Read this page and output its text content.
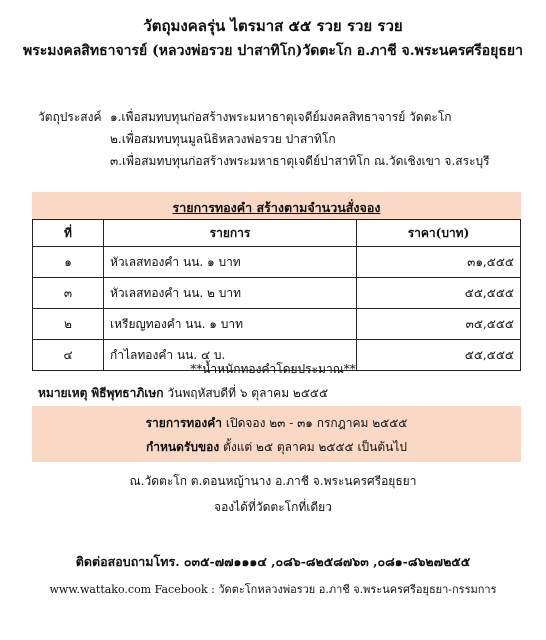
วัตถุมงคลรุ่น ไตรมาส ๕๕ รวย รวย รวย
พระมงคลสิทธาจารย์ (หลวงพ่อรวย ปาสาทิโก)วัดตะโก อ.ภาชี จ.พระนครศรีอยุธยา
วัตถุประสงค์ ๑.เพื่อสมทบทุนก่อสร้างพระมหาธาตุเจดีย์มงคลสิทธาจารย์ วัดตะโก
๒.เพื่อสมทบทุนมูลนิธิหลวงพ่อรวย ปาสาทิโก
๓.เพื่อสมทบทุนก่อสร้างพระมหาธาตุเจดีย์ปาสาทิโก ณ.วัดเชิงเขา จ.สระบุรี
รายการทองคำ สร้างตามจำนวนสั่งจอง
ที่	รายการ	ราคา(บาท)
๑	หัวเลสทองคำ นน. ๑ บาท	๓๑,๕๕๕
๓	หัวเลสทองคำ นน. ๒ บาท	๕๕,๕๕๕
๒	เหรียญทองคำ นน. ๑ บาท	๓๕,๕๕๕
๔	กำไลทองคำ นน. ๔ บ.	๕๕,๕๕๕
**น้ำหนักทองคำโดยประมาณ**
หมายเหตุ พิธีพุทธาภิเษก วันพฤหัสบดีที่ ๖ ตุลาคม ๒๕๕๕
รายการทองคำ เปิดจอง ๒๓ - ๓๑ กรกฎาคม ๒๕๕๕
กำหนดรับของ ตั้งแต่ ๒๕ ตุลาคม ๒๕๕๕ เป็นต้นไป
ณ.วัดตะโก ต.ดอนหญ้านาง อ.ภาชี จ.พระนครศรีอยุธยา
จองได้ที่วัดตะโกที่เดียว
ติดต่อสอบถามโทร. ๐๓๕-๗๗๑๑๑๔ ,๐๘๖-๘๒๕๘๗๖๓ ,๐๘๑-๘๖๒๗๒๕๕
www.wattako.com Facebook : วัดตะโกหลวงพ่อรวย อ.ภาชี จ.พระนครศรีอยุธยา-กรรมการ
